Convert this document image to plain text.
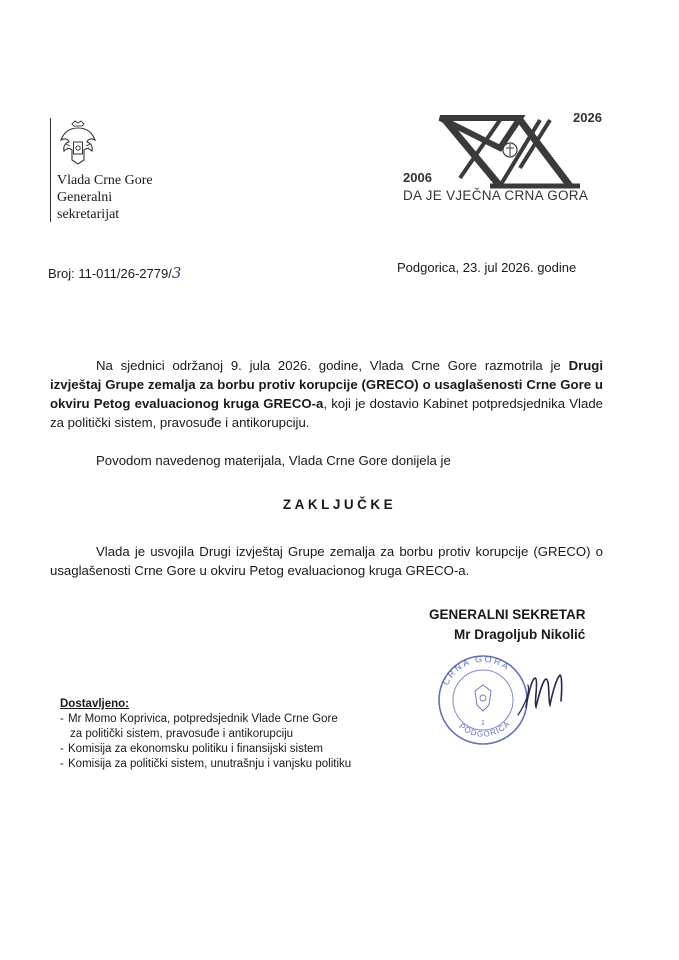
Vlada Crne Gore
Generalni
sekretarijat
2006
2026
DA JE VJEČNA CRNA GORA
Broj: 11-011/26-2779/3	Podgorica, 23. jul 2026. godine
Na sjednici održanoj 9. jula 2026. godine, Vlada Crne Gore razmotrila je Drugi izvještaj Grupe zemalja za borbu protiv korupcije (GRECO) o usaglašenosti Crne Gore u okviru Petog evaluacionog kruga GRECO-a, koji je dostavio Kabinet potpredsjednika Vlade za politički sistem, pravosuđe i antikorupciju.
Povodom navedenog materijala, Vlada Crne Gore donijela je
ZAKLJUČKE
Vlada je usvojila Drugi izvještaj Grupe zemalja za borbu protiv korupcije (GRECO) o usaglašenosti Crne Gore u okviru Petog evaluacionog kruga GRECO-a.
GENERALNI SEKRETAR
Mr Dragoljub Nikolić
CRNA GORA
PODGORICA
1
Dostavljeno:
- Mr Momo Koprivica, potpredsjednik Vlade Crne Gore
za politički sistem, pravosuđe i antikorupciju
- Komisija za ekonomsku politiku i finansijski sistem
- Komisija za politički sistem, unutrašnju i vanjsku politiku
